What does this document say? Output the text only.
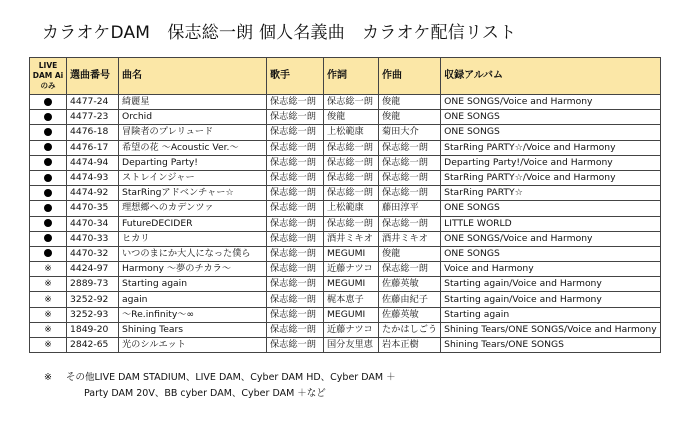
カラオケDAM　保志総一朗 個人名義曲　カラオケ配信リスト
LIVE DAM Ai のみ	選曲番号	曲名	歌手	作詞	作曲	収録アルバム
	4477-24	綺麗星	保志総一朗	保志総一朗	俊龍	ONE SONGS/Voice and Harmony
	4477-23	Orchid	保志総一朗	俊龍	俊龍	ONE SONGS
	4476-18	冒険者のプレリュード	保志総一朗	上松範康	菊田大介	ONE SONGS
	4476-17	希望の花 〜Acoustic Ver.〜	保志総一朗	保志総一朗	保志総一朗	StarRing PARTY☆/Voice and Harmony
	4474-94	Departing Party!	保志総一朗	保志総一朗	保志総一朗	Departing Party!/Voice and Harmony
	4474-93	ストレインジャー	保志総一朗	保志総一朗	保志総一朗	StarRing PARTY☆/Voice and Harmony
	4474-92	StarRingアドベンチャー☆	保志総一朗	保志総一朗	保志総一朗	StarRing PARTY☆
	4470-35	理想郷へのカデンツァ	保志総一朗	上松範康	藤田淳平	ONE SONGS
	4470-34	FutureDECIDER	保志総一朗	保志総一朗	保志総一朗	LITTLE WORLD
	4470-33	ヒカリ	保志総一朗	酒井ミキオ	酒井ミキオ	ONE SONGS/Voice and Harmony
	4470-32	いつのまにか大人になった僕ら	保志総一朗	MEGUMI	俊龍	ONE SONGS
※	4424-97	Harmony 〜夢のチカラ〜	保志総一朗	近藤ナツコ	保志総一朗	Voice and Harmony
※	2889-73	Starting again	保志総一朗	MEGUMI	佐藤英敏	Starting again/Voice and Harmony
※	3252-92	again	保志総一朗	梶本恵子	佐藤由紀子	Starting again/Voice and Harmony
※	3252-93	〜Re.infinity〜∞	保志総一朗	MEGUMI	佐藤英敏	Starting again
※	1849-20	Shining Tears	保志総一朗	近藤ナツコ	たかはしごう	Shining Tears/ONE SONGS/Voice and Harmony
※	2842-65	光のシルエット	保志総一朗	国分友里恵	岩本正樹	Shining Tears/ONE SONGS
※ その他LIVE DAM STADIUM、LIVE DAM、Cyber DAM HD、Cyber DAM ＋
Party DAM 20V、BB cyber DAM、Cyber DAM ＋など
